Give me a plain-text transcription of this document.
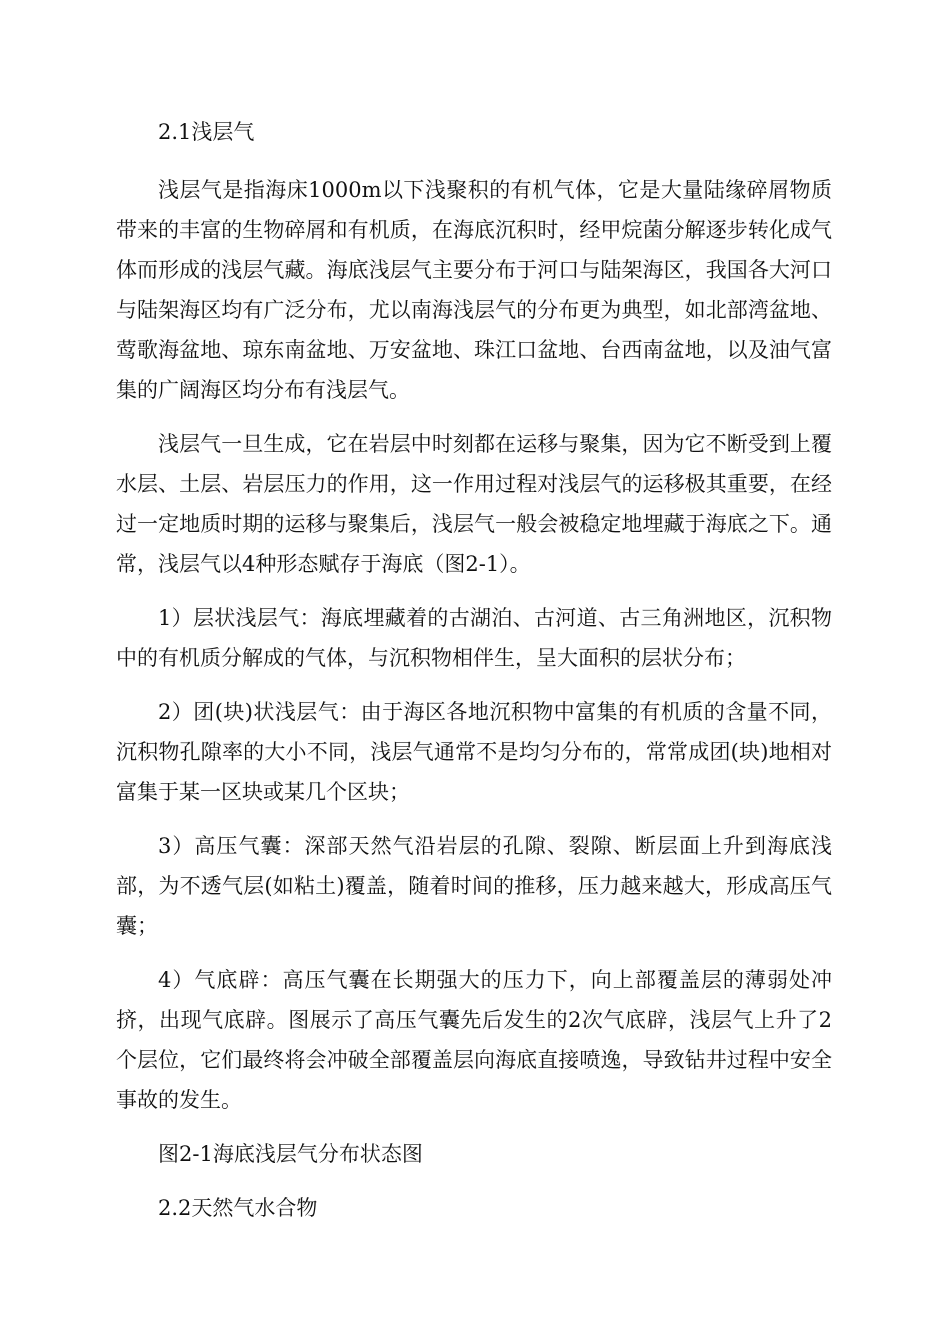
2.1浅层气

浅层气是指海床1000m以下浅聚积的有机气体，它是大量陆缘碎屑物质带来的丰富的生物碎屑和有机质，在海底沉积时，经甲烷菌分解逐步转化成气体而形成的浅层气藏。海底浅层气主要分布于河口与陆架海区，我国各大河口与陆架海区均有广泛分布，尤以南海浅层气的分布更为典型，如北部湾盆地、莺歌海盆地、琼东南盆地、万安盆地、珠江口盆地、台西南盆地，以及油气富集的广阔海区均分布有浅层气。

浅层气一旦生成，它在岩层中时刻都在运移与聚集，因为它不断受到上覆水层、土层、岩层压力的作用，这一作用过程对浅层气的运移极其重要，在经过一定地质时期的运移与聚集后，浅层气一般会被稳定地埋藏于海底之下。通常，浅层气以4种形态赋存于海底（图2-1）。

1）层状浅层气：海底埋藏着的古湖泊、古河道、古三角洲地区，沉积物中的有机质分解成的气体，与沉积物相伴生，呈大面积的层状分布；

2）团(块)状浅层气：由于海区各地沉积物中富集的有机质的含量不同，沉积物孔隙率的大小不同，浅层气通常不是均匀分布的，常常成团(块)地相对富集于某一区块或某几个区块；

3）高压气囊：深部天然气沿岩层的孔隙、裂隙、断层面上升到海底浅部，为不透气层(如粘土)覆盖，随着时间的推移，压力越来越大，形成高压气囊；

4）气底辟：高压气囊在长期强大的压力下，向上部覆盖层的薄弱处冲挤，出现气底辟。图展示了高压气囊先后发生的2次气底辟，浅层气上升了2个层位，它们最终将会冲破全部覆盖层向海底直接喷逸，导致钻井过程中安全事故的发生。

图2-1海底浅层气分布状态图

2.2天然气水合物
